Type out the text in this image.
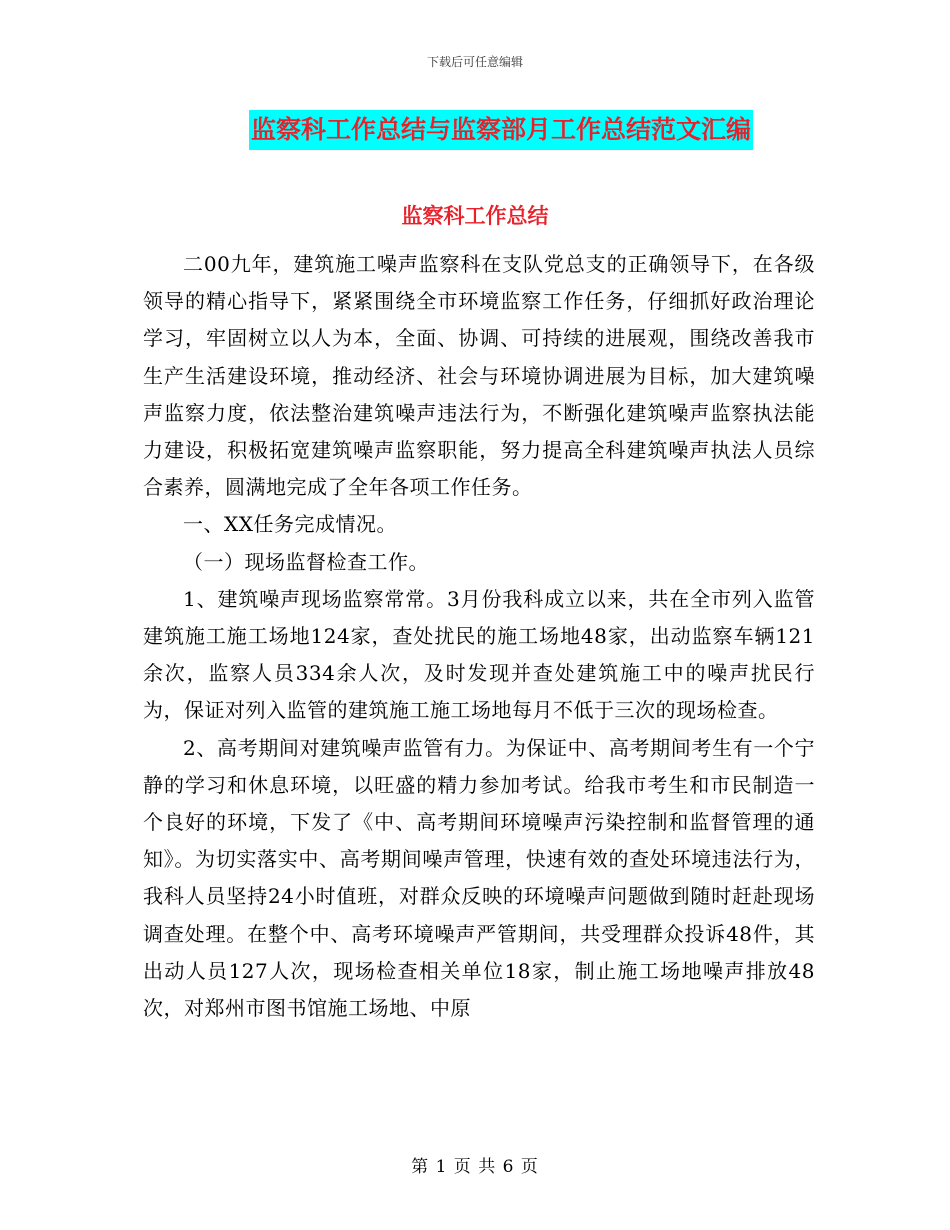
下载后可任意编辑
监察科工作总结与监察部月工作总结范文汇编
监察科工作总结

二00九年，建筑施工噪声监察科在支队党总支的正确领导下，在各级领导的精心指导下，紧紧围绕全市环境监察工作任务，仔细抓好政治理论学习，牢固树立以人为本，全面、协调、可持续的进展观，围绕改善我市生产生活建设环境，推动经济、社会与环境协调进展为目标，加大建筑噪声监察力度，依法整治建筑噪声违法行为，不断强化建筑噪声监察执法能力建设，积极拓宽建筑噪声监察职能，努力提高全科建筑噪声执法人员综合素养，圆满地完成了全年各项工作任务。

一、XX任务完成情况。

（一）现场监督检查工作。

1、建筑噪声现场监察常常。3月份我科成立以来，共在全市列入监管建筑施工施工场地124家，查处扰民的施工场地48家，出动监察车辆121余次，监察人员334余人次，及时发现并查处建筑施工中的噪声扰民行为，保证对列入监管的建筑施工施工场地每月不低于三次的现场检查。

2、高考期间对建筑噪声监管有力。为保证中、高考期间考生有一个宁静的学习和休息环境，以旺盛的精力参加考试。给我市考生和市民制造一个良好的环境，下发了《中、高考期间环境噪声污染控制和监督管理的通知》。为切实落实中、高考期间噪声管理，快速有效的查处环境违法行为，我科人员坚持24小时值班，对群众反映的环境噪声问题做到随时赶赴现场调查处理。在整个中、高考环境噪声严管期间，共受理群众投诉48件，其出动人员127人次，现场检查相关单位18家，制止施工场地噪声排放48次，对郑州市图书馆施工场地、中原

第 1 页 共 6 页
